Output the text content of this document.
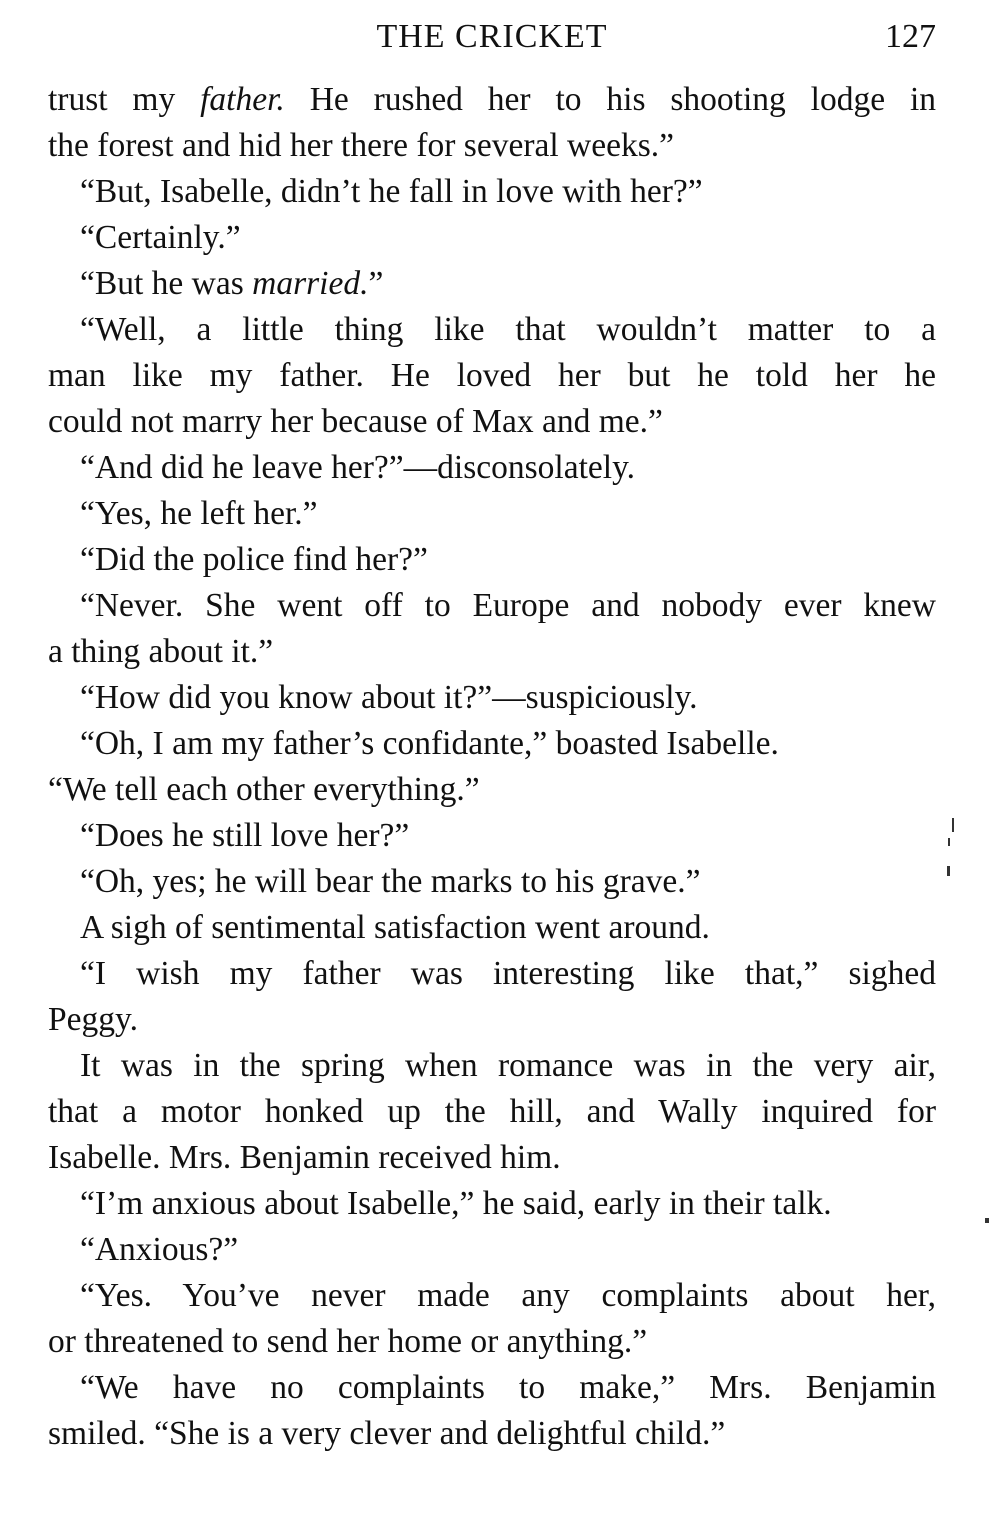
THE CRICKET	127
trust my father. He rushed her to his shooting lodge in
the forest and hid her there for several weeks.”
“But, Isabelle, didn’t he fall in love with her?”
“Certainly.”
“But he was married.”
“Well, a little thing like that wouldn’t matter to a
man like my father. He loved her but he told her he
could not marry her because of Max and me.”
“And did he leave her?”—disconsolately.
“Yes, he left her.”
“Did the police find her?”
“Never. She went off to Europe and nobody ever knew
a thing about it.”
“How did you know about it?”—suspiciously.
“Oh, I am my father’s confidante,” boasted Isabelle.
“We tell each other everything.”
“Does he still love her?”
“Oh, yes; he will bear the marks to his grave.”
A sigh of sentimental satisfaction went around.
“I wish my father was interesting like that,” sighed
Peggy.
It was in the spring when romance was in the very air,
that a motor honked up the hill, and Wally inquired for
Isabelle. Mrs. Benjamin received him.
“I’m anxious about Isabelle,” he said, early in their talk.
“Anxious?”
“Yes. You’ve never made any complaints about her,
or threatened to send her home or anything.”
“We have no complaints to make,” Mrs. Benjamin
smiled. “She is a very clever and delightful child.”
